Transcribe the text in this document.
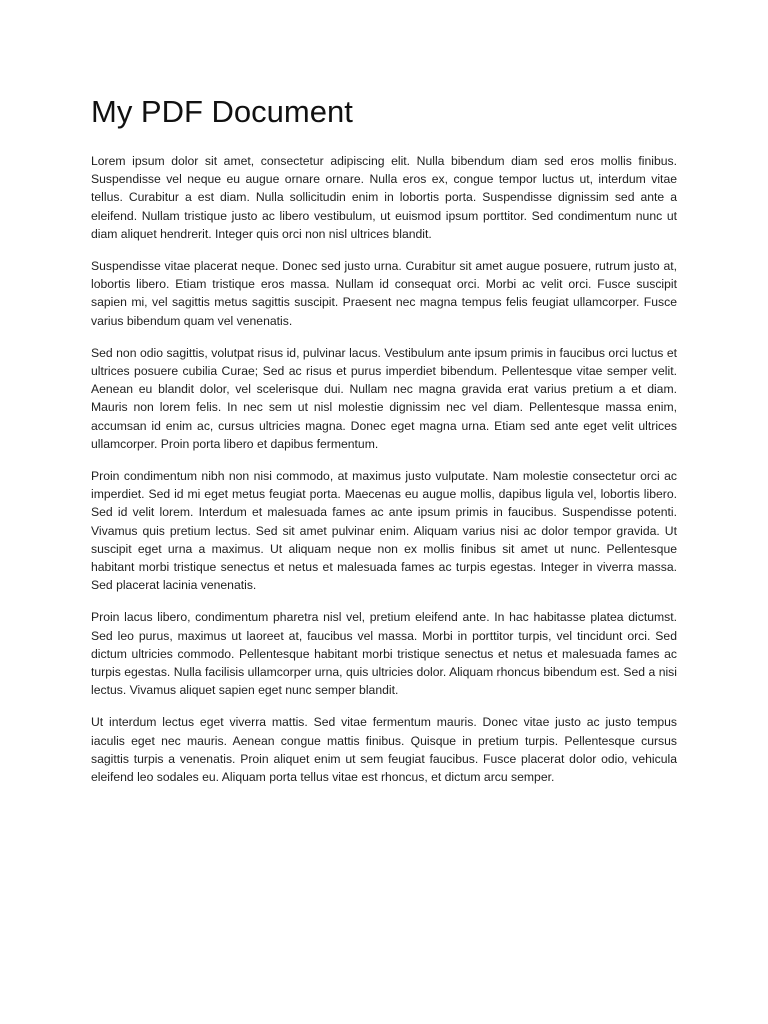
My PDF Document

Lorem ipsum dolor sit amet, consectetur adipiscing elit. Nulla bibendum diam sed eros mollis finibus. Suspendisse vel neque eu augue ornare ornare. Nulla eros ex, congue tempor luctus ut, interdum vitae tellus. Curabitur a est diam. Nulla sollicitudin enim in lobortis porta. Suspendisse dignissim sed ante a eleifend. Nullam tristique justo ac libero vestibulum, ut euismod ipsum porttitor. Sed condimentum nunc ut diam aliquet hendrerit. Integer quis orci non nisl ultrices blandit.

Suspendisse vitae placerat neque. Donec sed justo urna. Curabitur sit amet augue posuere, rutrum justo at, lobortis libero. Etiam tristique eros massa. Nullam id consequat orci. Morbi ac velit orci. Fusce suscipit sapien mi, vel sagittis metus sagittis suscipit. Praesent nec magna tempus felis feugiat ullamcorper. Fusce varius bibendum quam vel venenatis.

Sed non odio sagittis, volutpat risus id, pulvinar lacus. Vestibulum ante ipsum primis in faucibus orci luctus et ultrices posuere cubilia Curae; Sed ac risus et purus imperdiet bibendum. Pellentesque vitae semper velit. Aenean eu blandit dolor, vel scelerisque dui. Nullam nec magna gravida erat varius pretium a et diam. Mauris non lorem felis. In nec sem ut nisl molestie dignissim nec vel diam. Pellentesque massa enim, accumsan id enim ac, cursus ultricies magna. Donec eget magna urna. Etiam sed ante eget velit ultrices ullamcorper. Proin porta libero et dapibus fermentum.

Proin condimentum nibh non nisi commodo, at maximus justo vulputate. Nam molestie consectetur orci ac imperdiet. Sed id mi eget metus feugiat porta. Maecenas eu augue mollis, dapibus ligula vel, lobortis libero. Sed id velit lorem. Interdum et malesuada fames ac ante ipsum primis in faucibus. Suspendisse potenti. Vivamus quis pretium lectus. Sed sit amet pulvinar enim. Aliquam varius nisi ac dolor tempor gravida. Ut suscipit eget urna a maximus. Ut aliquam neque non ex mollis finibus sit amet ut nunc. Pellentesque habitant morbi tristique senectus et netus et malesuada fames ac turpis egestas. Integer in viverra massa. Sed placerat lacinia venenatis.

Proin lacus libero, condimentum pharetra nisl vel, pretium eleifend ante. In hac habitasse platea dictumst. Sed leo purus, maximus ut laoreet at, faucibus vel massa. Morbi in porttitor turpis, vel tincidunt orci. Sed dictum ultricies commodo. Pellentesque habitant morbi tristique senectus et netus et malesuada fames ac turpis egestas. Nulla facilisis ullamcorper urna, quis ultricies dolor. Aliquam rhoncus bibendum est. Sed a nisi lectus. Vivamus aliquet sapien eget nunc semper blandit.

Ut interdum lectus eget viverra mattis. Sed vitae fermentum mauris. Donec vitae justo ac justo tempus iaculis eget nec mauris. Aenean congue mattis finibus. Quisque in pretium turpis. Pellentesque cursus sagittis turpis a venenatis. Proin aliquet enim ut sem feugiat faucibus. Fusce placerat dolor odio, vehicula eleifend leo sodales eu. Aliquam porta tellus vitae est rhoncus, et dictum arcu semper.
